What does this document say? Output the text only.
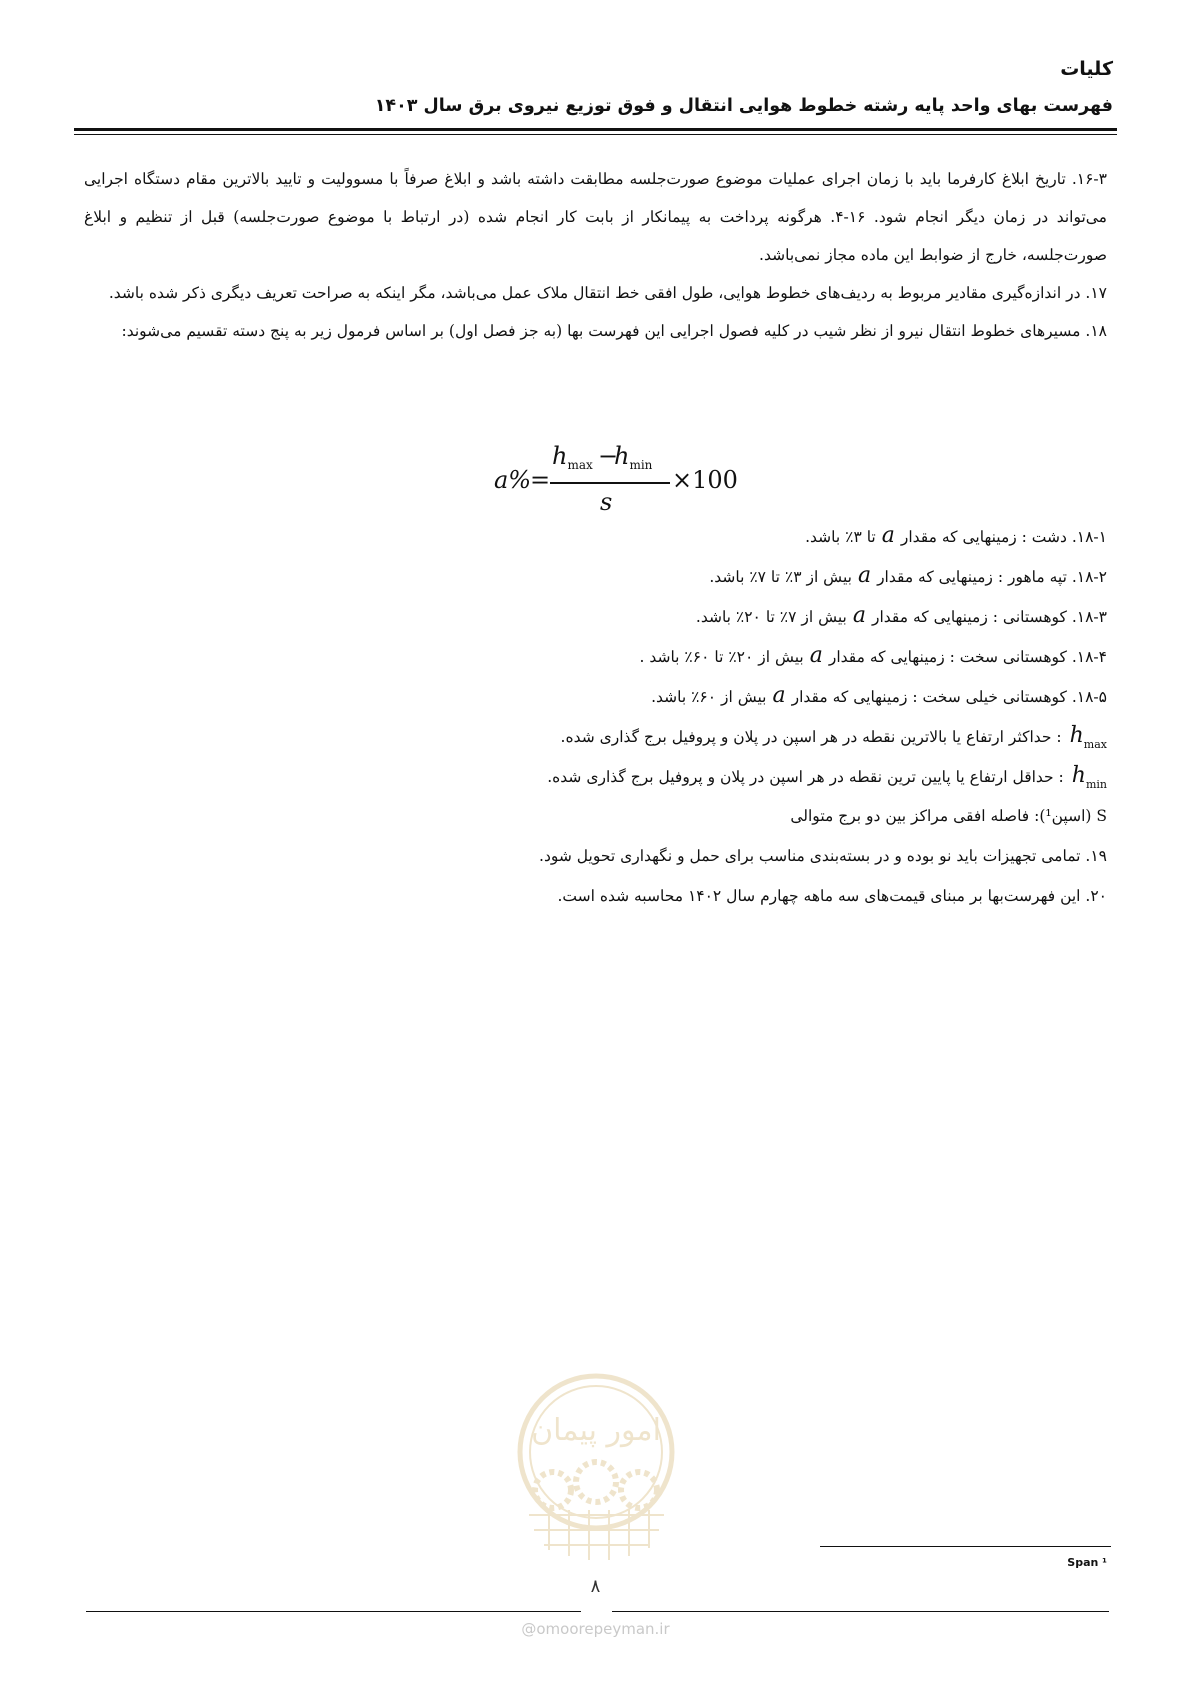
کلیات
فهرست بهای واحد پایه رشته خطوط هوایی انتقال و فوق توزیع نیروی برق سال ۱۴۰۳

۱۶-۳. تاریخ ابلاغ کارفرما باید با زمان اجرای عملیات موضوع صورت‌جلسه مطابقت داشته باشد و ابلاغ صرفاً با مسوولیت و تایید بالاترین مقام دستگاه اجرایی می‌تواند در زمان دیگر انجام شود. ۱۶-۴. هرگونه پرداخت به پیمانکار از بابت کار انجام شده (در ارتباط با موضوع صورت‌جلسه) قبل از تنظیم و ابلاغ صورت‌جلسه، خارج از ضوابط این ماده مجاز نمی‌باشد.

۱۷. در اندازه‌گیری مقادیر مربوط به ردیف‌های خطوط هوایی، طول افقی خط انتقال ملاک عمل می‌باشد، مگر اینکه به صراحت تعریف دیگری ذکر شده باشد.

۱۸. مسیرهای خطوط انتقال نیرو از نظر شیب در کلیه فصول اجرایی این فهرست بها (به جز فصل اول) بر اساس فرمول زیر به پنج دسته تقسیم می‌شوند:

a%
=
$h_{max}$ −
$h_{min}$
s
×100
۱۸-۱. دشت : زمینهایی که مقدارaتا ۳٪ باشد.
۱۸-۲. تپه ماهور : زمینهایی که مقدارaبیش از ۳٪ تا ۷٪ باشد.
۱۸-۳. کوهستانی : زمینهایی که مقدارaبیش از ۷٪ تا ۲۰٪ باشد.
۱۸-۴. کوهستانی سخت : زمینهایی که مقدارaبیش از ۲۰٪ تا ۶۰٪ باشد .
۱۸-۵. کوهستانی خیلی سخت : زمینهایی که مقدارaبیش از ۶۰٪ باشد.
$h_{max}$: حداکثر ارتفاع یا بالاترین نقطه در هر اسپن در پلان و پروفیل برج گذاری شده.
$h_{min}$: حداقل ارتفاع یا پایین ترین نقطه در هر اسپن در پلان و پروفیل برج گذاری شده.
S (اسپن¹): فاصله افقی مراکز بین دو برج متوالی
۱۹. تمامی تجهیزات باید نو بوده و در بسته‌بندی مناسب برای حمل و نگهداری تحویل شود.
۲۰. این فهرست‌بها بر مبنای قیمت‌های سه ماهه چهارم سال ۱۴۰۲ محاسبه شده است.
امور پیمان
Span ¹
۸
@omoorepeyman.ir
